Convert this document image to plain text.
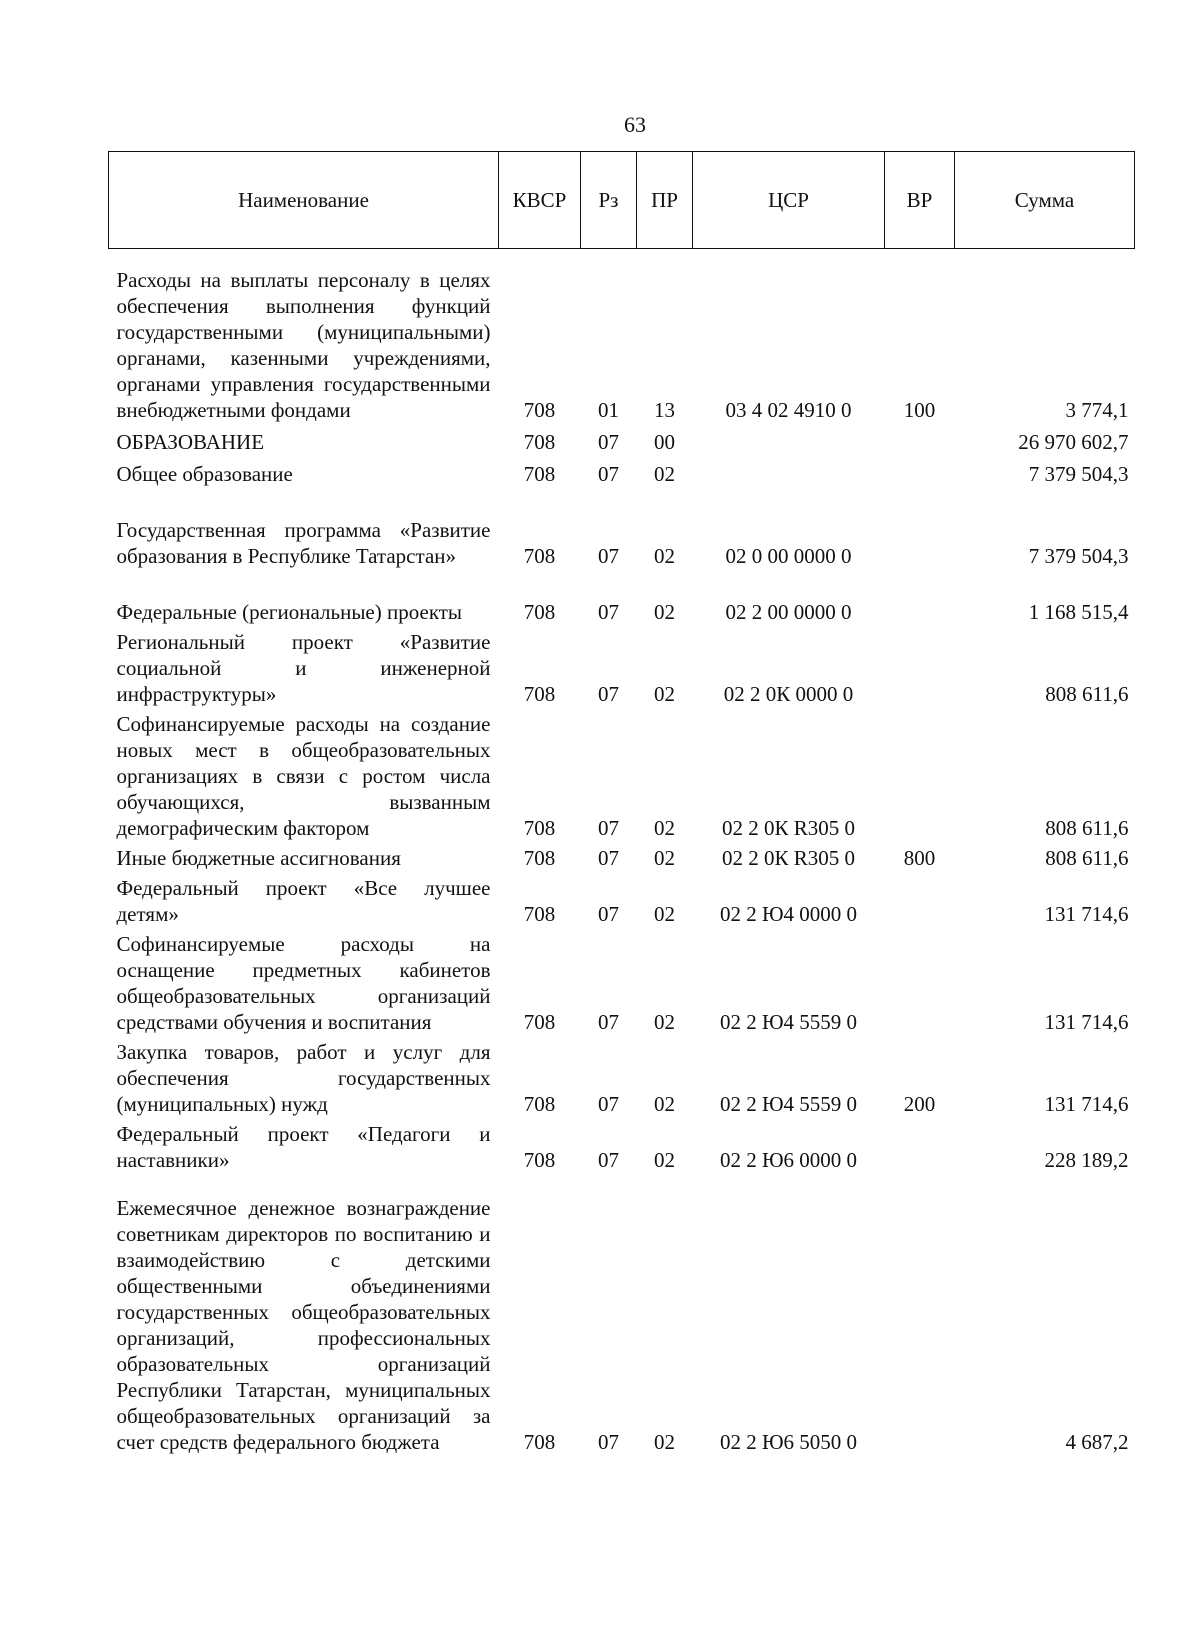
63
Наименование	КВСР	Рз	ПР	ЦСР	ВР	Сумма
Расходы на выплаты персоналу в целях обеспечения выполнения функций государственными (муниципальными) органами, казенными учреждениями, органами управления государственными внебюджетными фондами	708	01	13	03 4 02 4910 0	100	3 774,1
ОБРАЗОВАНИЕ	708	07	00			26 970 602,7
Общее образование	708	07	02			7 379 504,3
Государственная программа «Развитие образования в Республике Татарстан»	708	07	02	02 0 00 0000 0		7 379 504,3
Федеральные (региональные) проекты	708	07	02	02 2 00 0000 0		1 168 515,4
Региональный проект «Развитие социальной и инженерной инфраструктуры»	708	07	02	02 2 0К 0000 0		808 611,6
Софинансируемые расходы на создание новых мест в общеобразовательных организациях в связи с ростом числа обучающихся, вызванным демографическим фактором	708	07	02	02 2 0К R305 0		808 611,6
Иные бюджетные ассигнования	708	07	02	02 2 0К R305 0	800	808 611,6
Федеральный проект «Все лучшее детям»	708	07	02	02 2 Ю4 0000 0		131 714,6
Софинансируемые расходы на оснащение предметных кабинетов общеобразовательных организаций средствами обучения и воспитания	708	07	02	02 2 Ю4 5559 0		131 714,6
Закупка товаров, работ и услуг для обеспечения государственных (муниципальных) нужд	708	07	02	02 2 Ю4 5559 0	200	131 714,6
Федеральный проект «Педагоги и наставники»	708	07	02	02 2 Ю6 0000 0		228 189,2
Ежемесячное денежное вознаграждение советникам директоров по воспитанию и взаимодействию с детскими общественными объединениями государственных общеобразовательных организаций, профессиональных образовательных организаций Республики Татарстан, муниципальных общеобразовательных организаций за счет средств федерального бюджета	708	07	02	02 2 Ю6 5050 0		4 687,2
